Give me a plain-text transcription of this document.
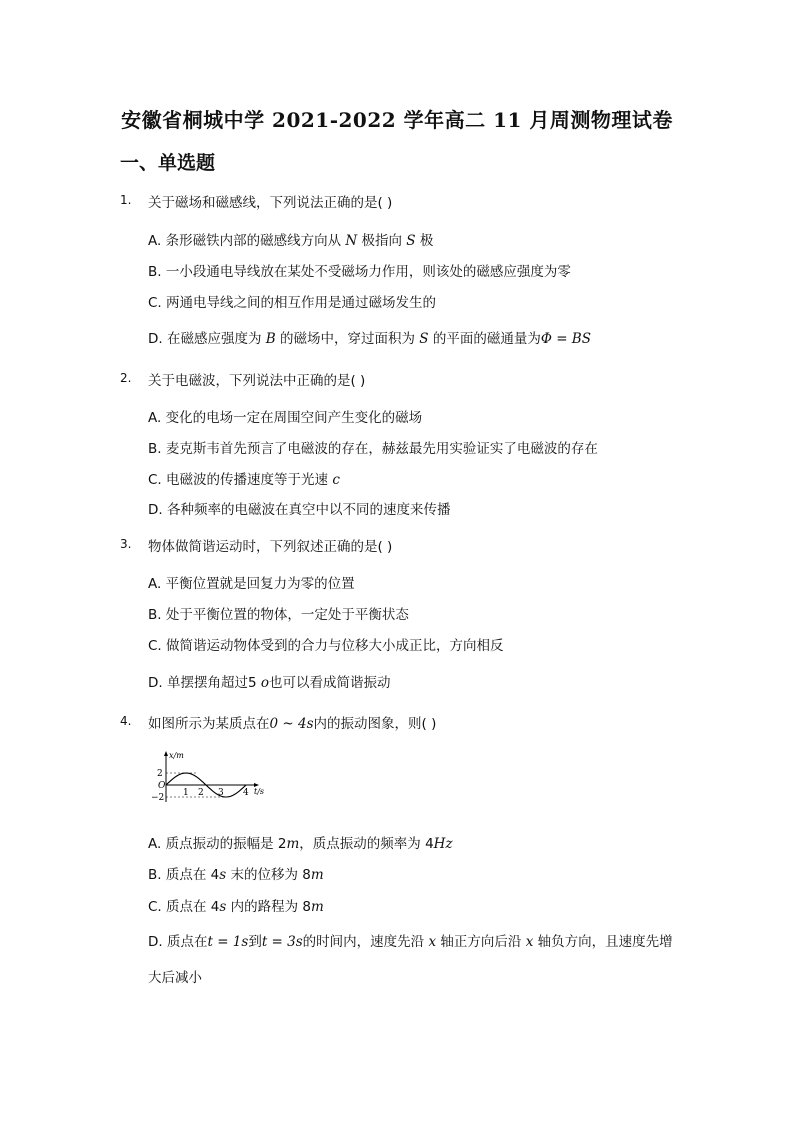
安徽省桐城中学 2021-2022 学年高二 11 月周测物理试卷
一、单选题
1. 关于磁场和磁感线，下列说法正确的是( )
A. 条形磁铁内部的磁感线方向从 N 极指向 S 极
B. 一小段通电导线放在某处不受磁场力作用，则该处的磁感应强度为零
C. 两通电导线之间的相互作用是通过磁场发生的
D. 在磁感应强度为 B 的磁场中，穿过面积为 S 的平面的磁通量为Φ = BS
2. 关于电磁波，下列说法中正确的是( )
A. 变化的电场一定在周围空间产生变化的磁场
B. 麦克斯韦首先预言了电磁波的存在，赫兹最先用实验证实了电磁波的存在
C. 电磁波的传播速度等于光速 c
D. 各种频率的电磁波在真空中以不同的速度来传播
3. 物体做简谐运动时，下列叙述正确的是( )
A. 平衡位置就是回复力为零的位置
B. 处于平衡位置的物体，一定处于平衡状态
C. 做简谐运动物体受到的合力与位移大小成正比，方向相反
D. 单摆摆角超过5 o也可以看成简谐振动
4. 如图所示为某质点在0 ~ 4s内的振动图象，则( )
x/m
2
O
−2 1 2 3 4 t/s
A. 质点振动的振幅是 2m，质点振动的频率为 4Hz
B. 质点在 4s 末的位移为 8m
C. 质点在 4s 内的路程为 8m
D. 质点在t = 1s到t = 3s的时间内，速度先沿 x 轴正方向后沿 x 轴负方向，且速度先增
大后减小
